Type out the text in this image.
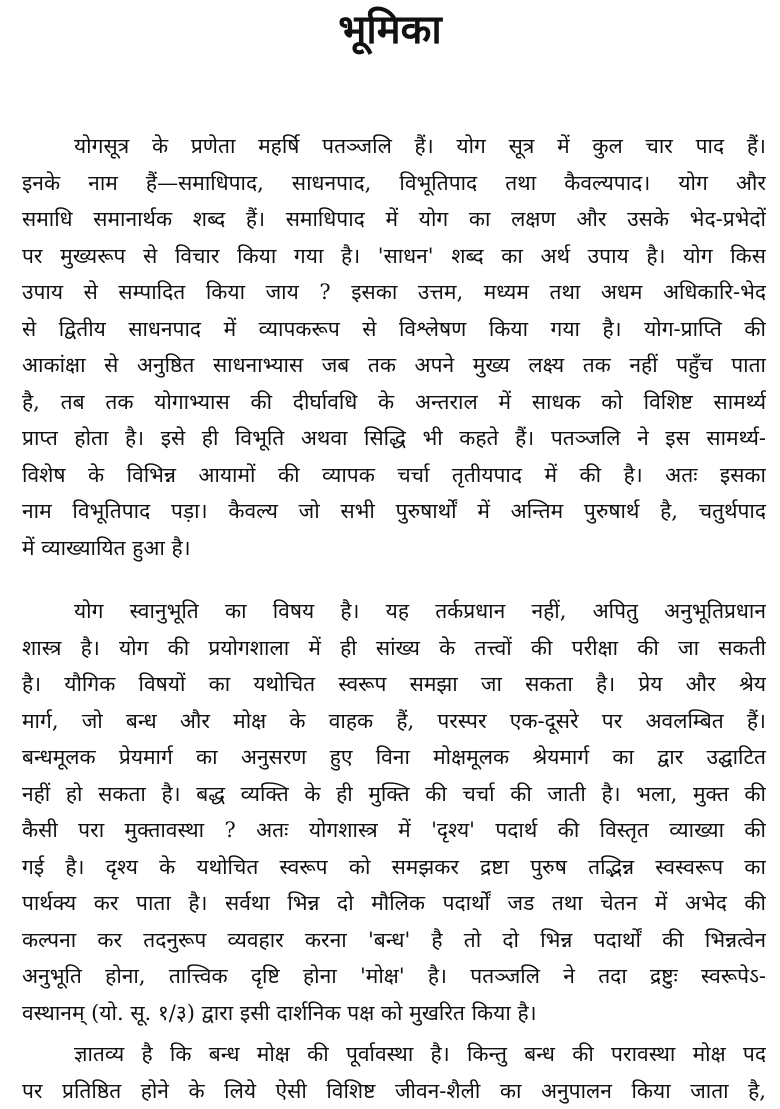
भूमिका
योगसूत्र के प्रणेता महर्षि पतञ्जलि हैं। योग सूत्र में कुल चार पाद हैं।
इनके नाम हैं—समाधिपाद, साधनपाद, विभूतिपाद तथा कैवल्यपाद। योग और
समाधि समानार्थक शब्द हैं। समाधिपाद में योग का लक्षण और उसके भेद-प्रभेदों
पर मुख्यरूप से विचार किया गया है। 'साधन' शब्द का अर्थ उपाय है। योग किस
उपाय से सम्पादित किया जाय ? इसका उत्तम, मध्यम तथा अधम अधिकारि-भेद
से द्वितीय साधनपाद में व्यापकरूप से विश्लेषण किया गया है। योग-प्राप्ति की
आकांक्षा से अनुष्ठित साधनाभ्यास जब तक अपने मुख्य लक्ष्य तक नहीं पहुँच पाता
है, तब तक योगाभ्यास की दीर्घावधि के अन्तराल में साधक को विशिष्ट सामर्थ्य
प्राप्त होता है। इसे ही विभूति अथवा सिद्धि भी कहते हैं। पतञ्जलि ने इस सामर्थ्य-
विशेष के विभिन्न आयामों की व्यापक चर्चा तृतीयपाद में की है। अतः इसका
नाम विभूतिपाद पड़ा। कैवल्य जो सभी पुरुषार्थों में अन्तिम पुरुषार्थ है, चतुर्थपाद
में व्याख्यायित हुआ है।
योग स्वानुभूति का विषय है। यह तर्कप्रधान नहीं, अपितु अनुभूतिप्रधान
शास्त्र है। योग की प्रयोगशाला में ही सांख्य के तत्त्वों की परीक्षा की जा सकती
है। यौगिक विषयों का यथोचित स्वरूप समझा जा सकता है। प्रेय और श्रेय
मार्ग, जो बन्ध और मोक्ष के वाहक हैं, परस्पर एक-दूसरे पर अवलम्बित हैं।
बन्धमूलक प्रेयमार्ग का अनुसरण हुए विना मोक्षमूलक श्रेयमार्ग का द्वार उद्घाटित
नहीं हो सकता है। बद्ध व्यक्ति के ही मुक्ति की चर्चा की जाती है। भला, मुक्त की
कैसी परा मुक्तावस्था ? अतः योगशास्त्र में 'दृश्य' पदार्थ की विस्तृत व्याख्या की
गई है। दृश्य के यथोचित स्वरूप को समझकर द्रष्टा पुरुष तद्भिन्न स्वस्वरूप का
पार्थक्य कर पाता है। सर्वथा भिन्न दो मौलिक पदार्थों जड तथा चेतन में अभेद की
कल्पना कर तदनुरूप व्यवहार करना 'बन्ध' है तो दो भिन्न पदार्थों की भिन्नत्वेन
अनुभूति होना, तात्त्विक दृष्टि होना 'मोक्ष' है। पतञ्जलि ने तदा द्रष्टुः स्वरूपेऽ-
वस्थानम् (यो. सू. १/३) द्वारा इसी दार्शनिक पक्ष को मुखरित किया है।
ज्ञातव्य है कि बन्ध मोक्ष की पूर्वावस्था है। किन्तु बन्ध की परावस्था मोक्ष पद
पर प्रतिष्ठित होने के लिये ऐसी विशिष्ट जीवन-शैली का अनुपालन किया जाता है,
